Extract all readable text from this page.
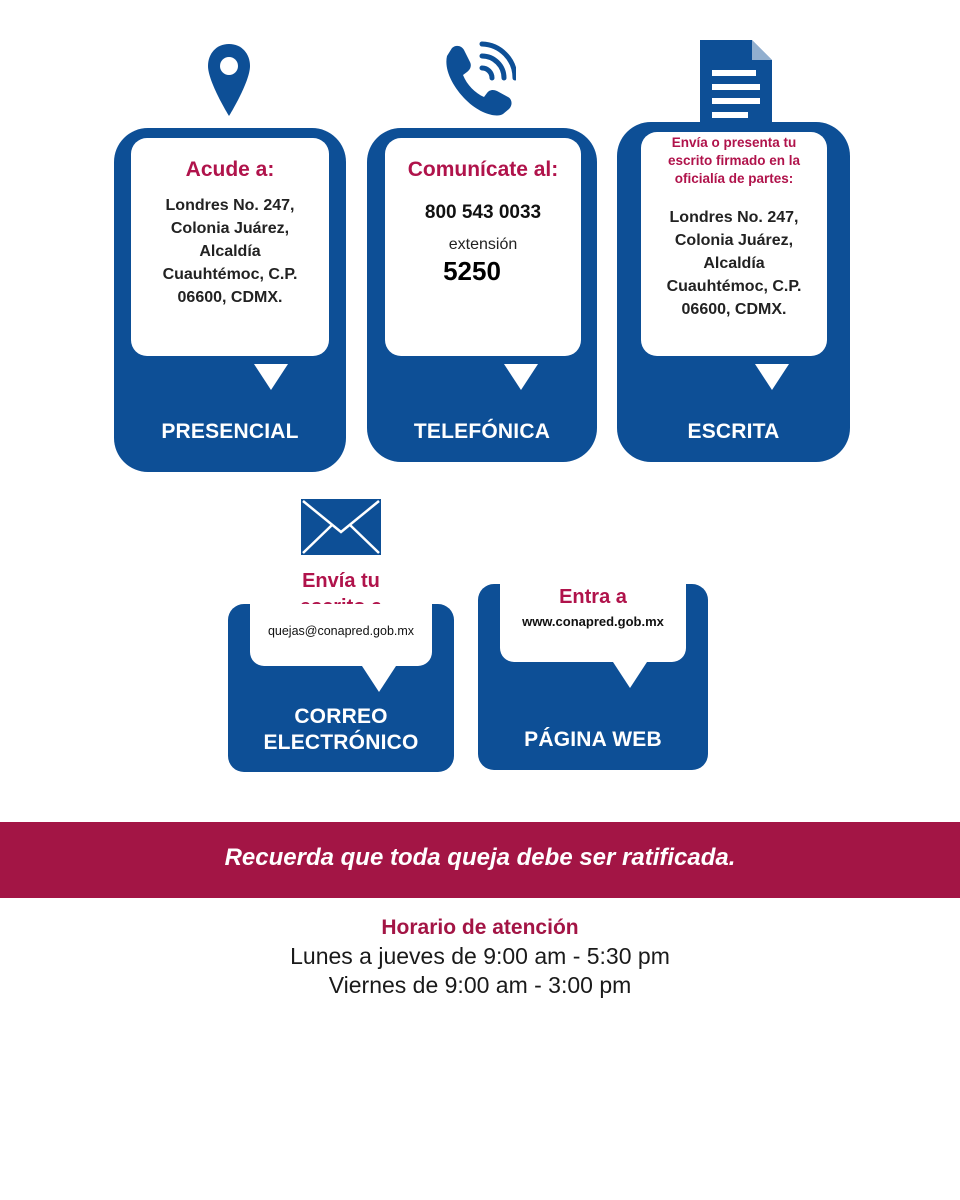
Acude a:
Londres No. 247,
Colonia Juárez,
Alcaldía
Cuauhtémoc, C.P.
06600, CDMX.
PRESENCIAL
Comunícate al:
800 543 0033
extensión
5250
TELEFÓNICA
Envía o presenta tu
escrito firmado en la
oficialía de partes:
Londres No. 247,
Colonia Juárez,
Alcaldía
Cuauhtémoc, C.P.
06600, CDMX.
ESCRITA
Envía tu
quejas@conapred.gob.mx
CORREO
ELECTRÓNICO
Entra a
www.conapred.gob.mx
PÁGINA WEB
Recuerda que toda queja debe ser ratificada.
Horario de atención
Lunes a jueves de 9:00 am - 5:30 pm
Viernes de 9:00 am - 3:00 pm
